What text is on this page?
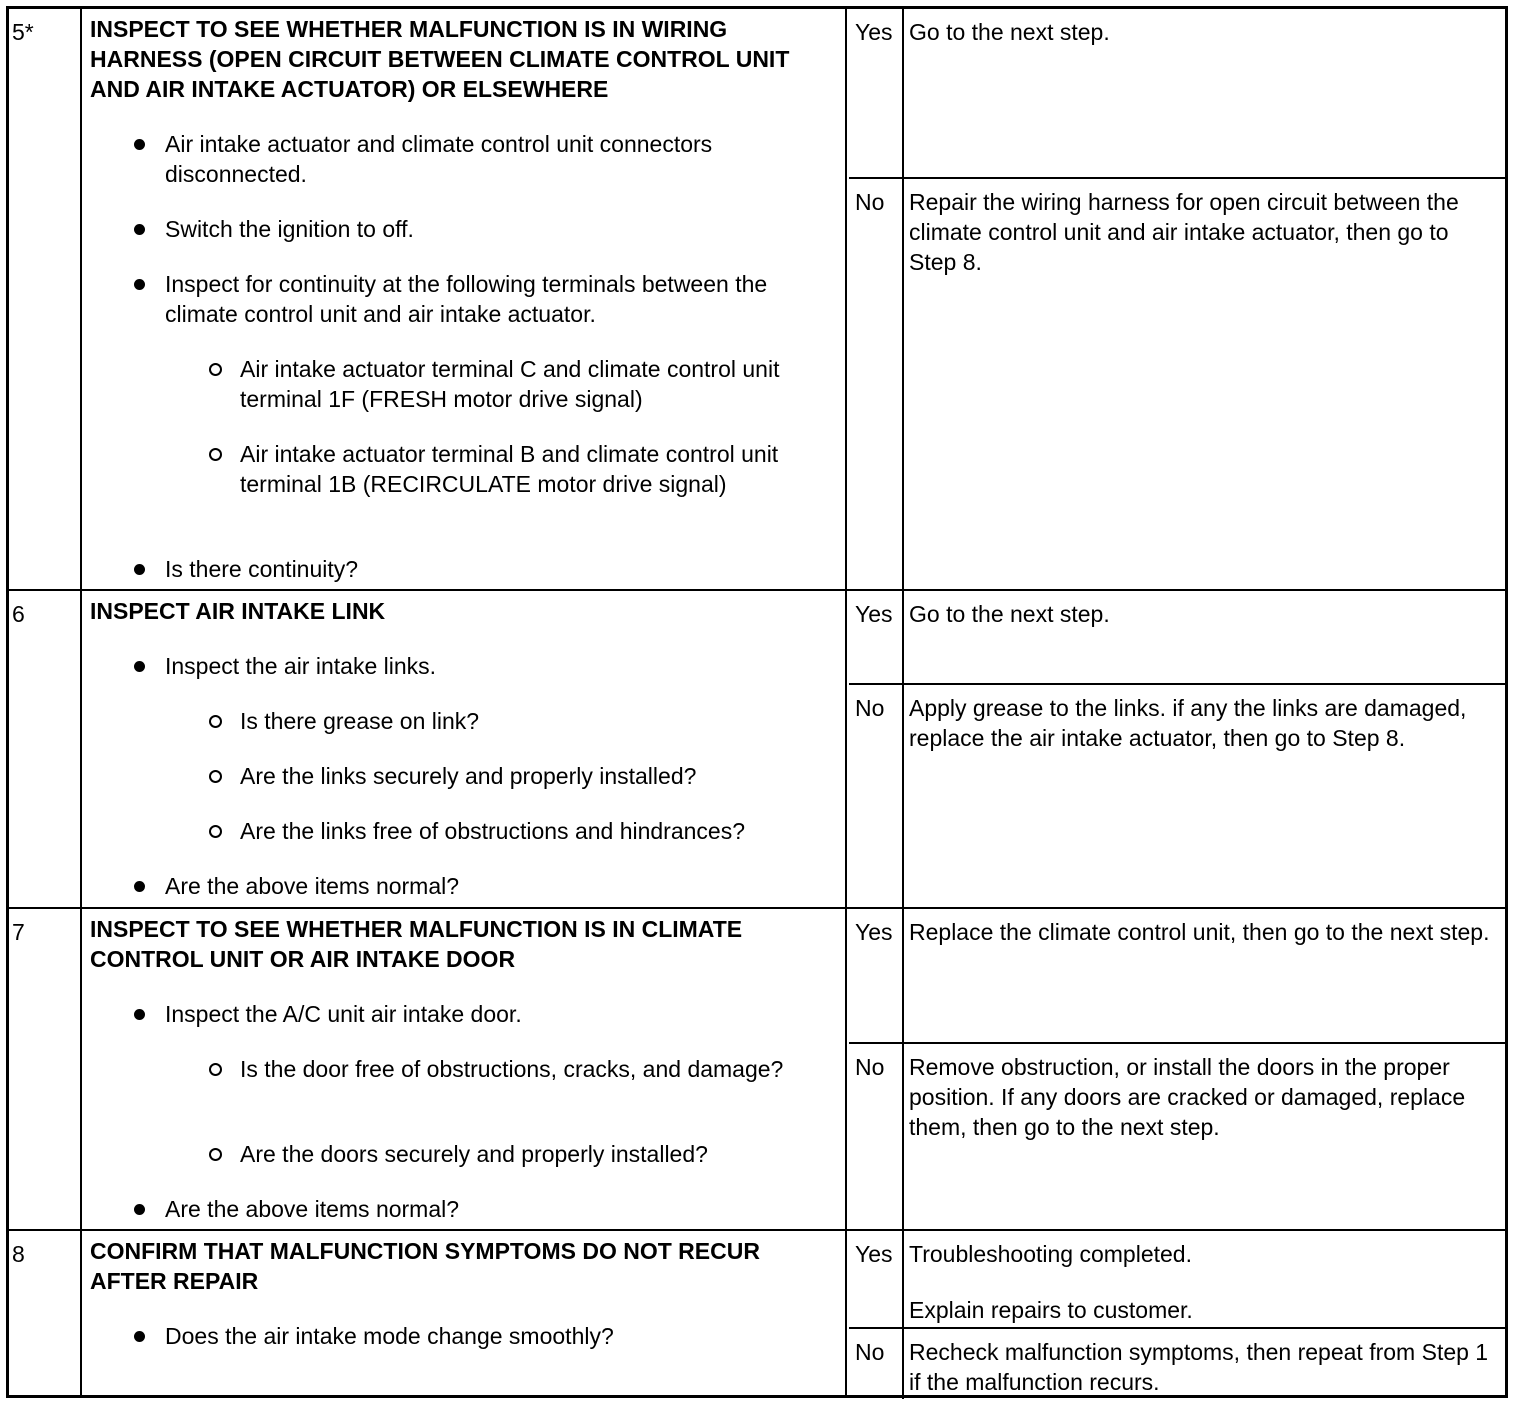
5*	INSPECT TO SEE WHETHER MALFUNCTION IS IN WIRING HARNESS (OPEN CIRCUIT BETWEEN CLIMATE CONTROL UNIT AND AIR INTAKE ACTUATOR) OR ELSEWHERE
Air intake actuator and climate control unit connectors disconnected.
Switch the ignition to off.
Inspect for continuity at the following terminals between the climate control unit and air intake actuator.
Air intake actuator terminal C and climate control unit terminal 1F (FRESH motor drive signal)
Air intake actuator terminal B and climate control unit terminal 1B (RECIRCULATE motor drive signal)
Is there continuity?
Yes Go to the next step.
No	Repair the wiring harness for open circuit between the climate control unit and air intake actuator, then go to Step 8.
6	INSPECT AIR INTAKE LINK
Inspect the air intake links.
Is there grease on link?
Are the links securely and properly installed?
Are the links free of obstructions and hindrances?
Are the above items normal?
Yes Go to the next step.
No	Apply grease to the links. if any the links are damaged, replace the air intake actuator, then go to Step 8.
7	INSPECT TO SEE WHETHER MALFUNCTION IS IN CLIMATE CONTROL UNIT OR AIR INTAKE DOOR
Inspect the A/C unit air intake door.
Is the door free of obstructions, cracks, and damage?
Are the doors securely and properly installed?
Are the above items normal?
Yes Replace the climate control unit, then go to the next step.
No	Remove obstruction, or install the doors in the proper position. If any doors are cracked or damaged, replace them, then go to the next step.
8	CONFIRM THAT MALFUNCTION SYMPTOMS DO NOT RECUR AFTER REPAIR
Does the air intake mode change smoothly?
Yes Troubleshooting completed.
Explain repairs to customer.
No	Recheck malfunction symptoms, then repeat from Step 1 if the malfunction recurs.
